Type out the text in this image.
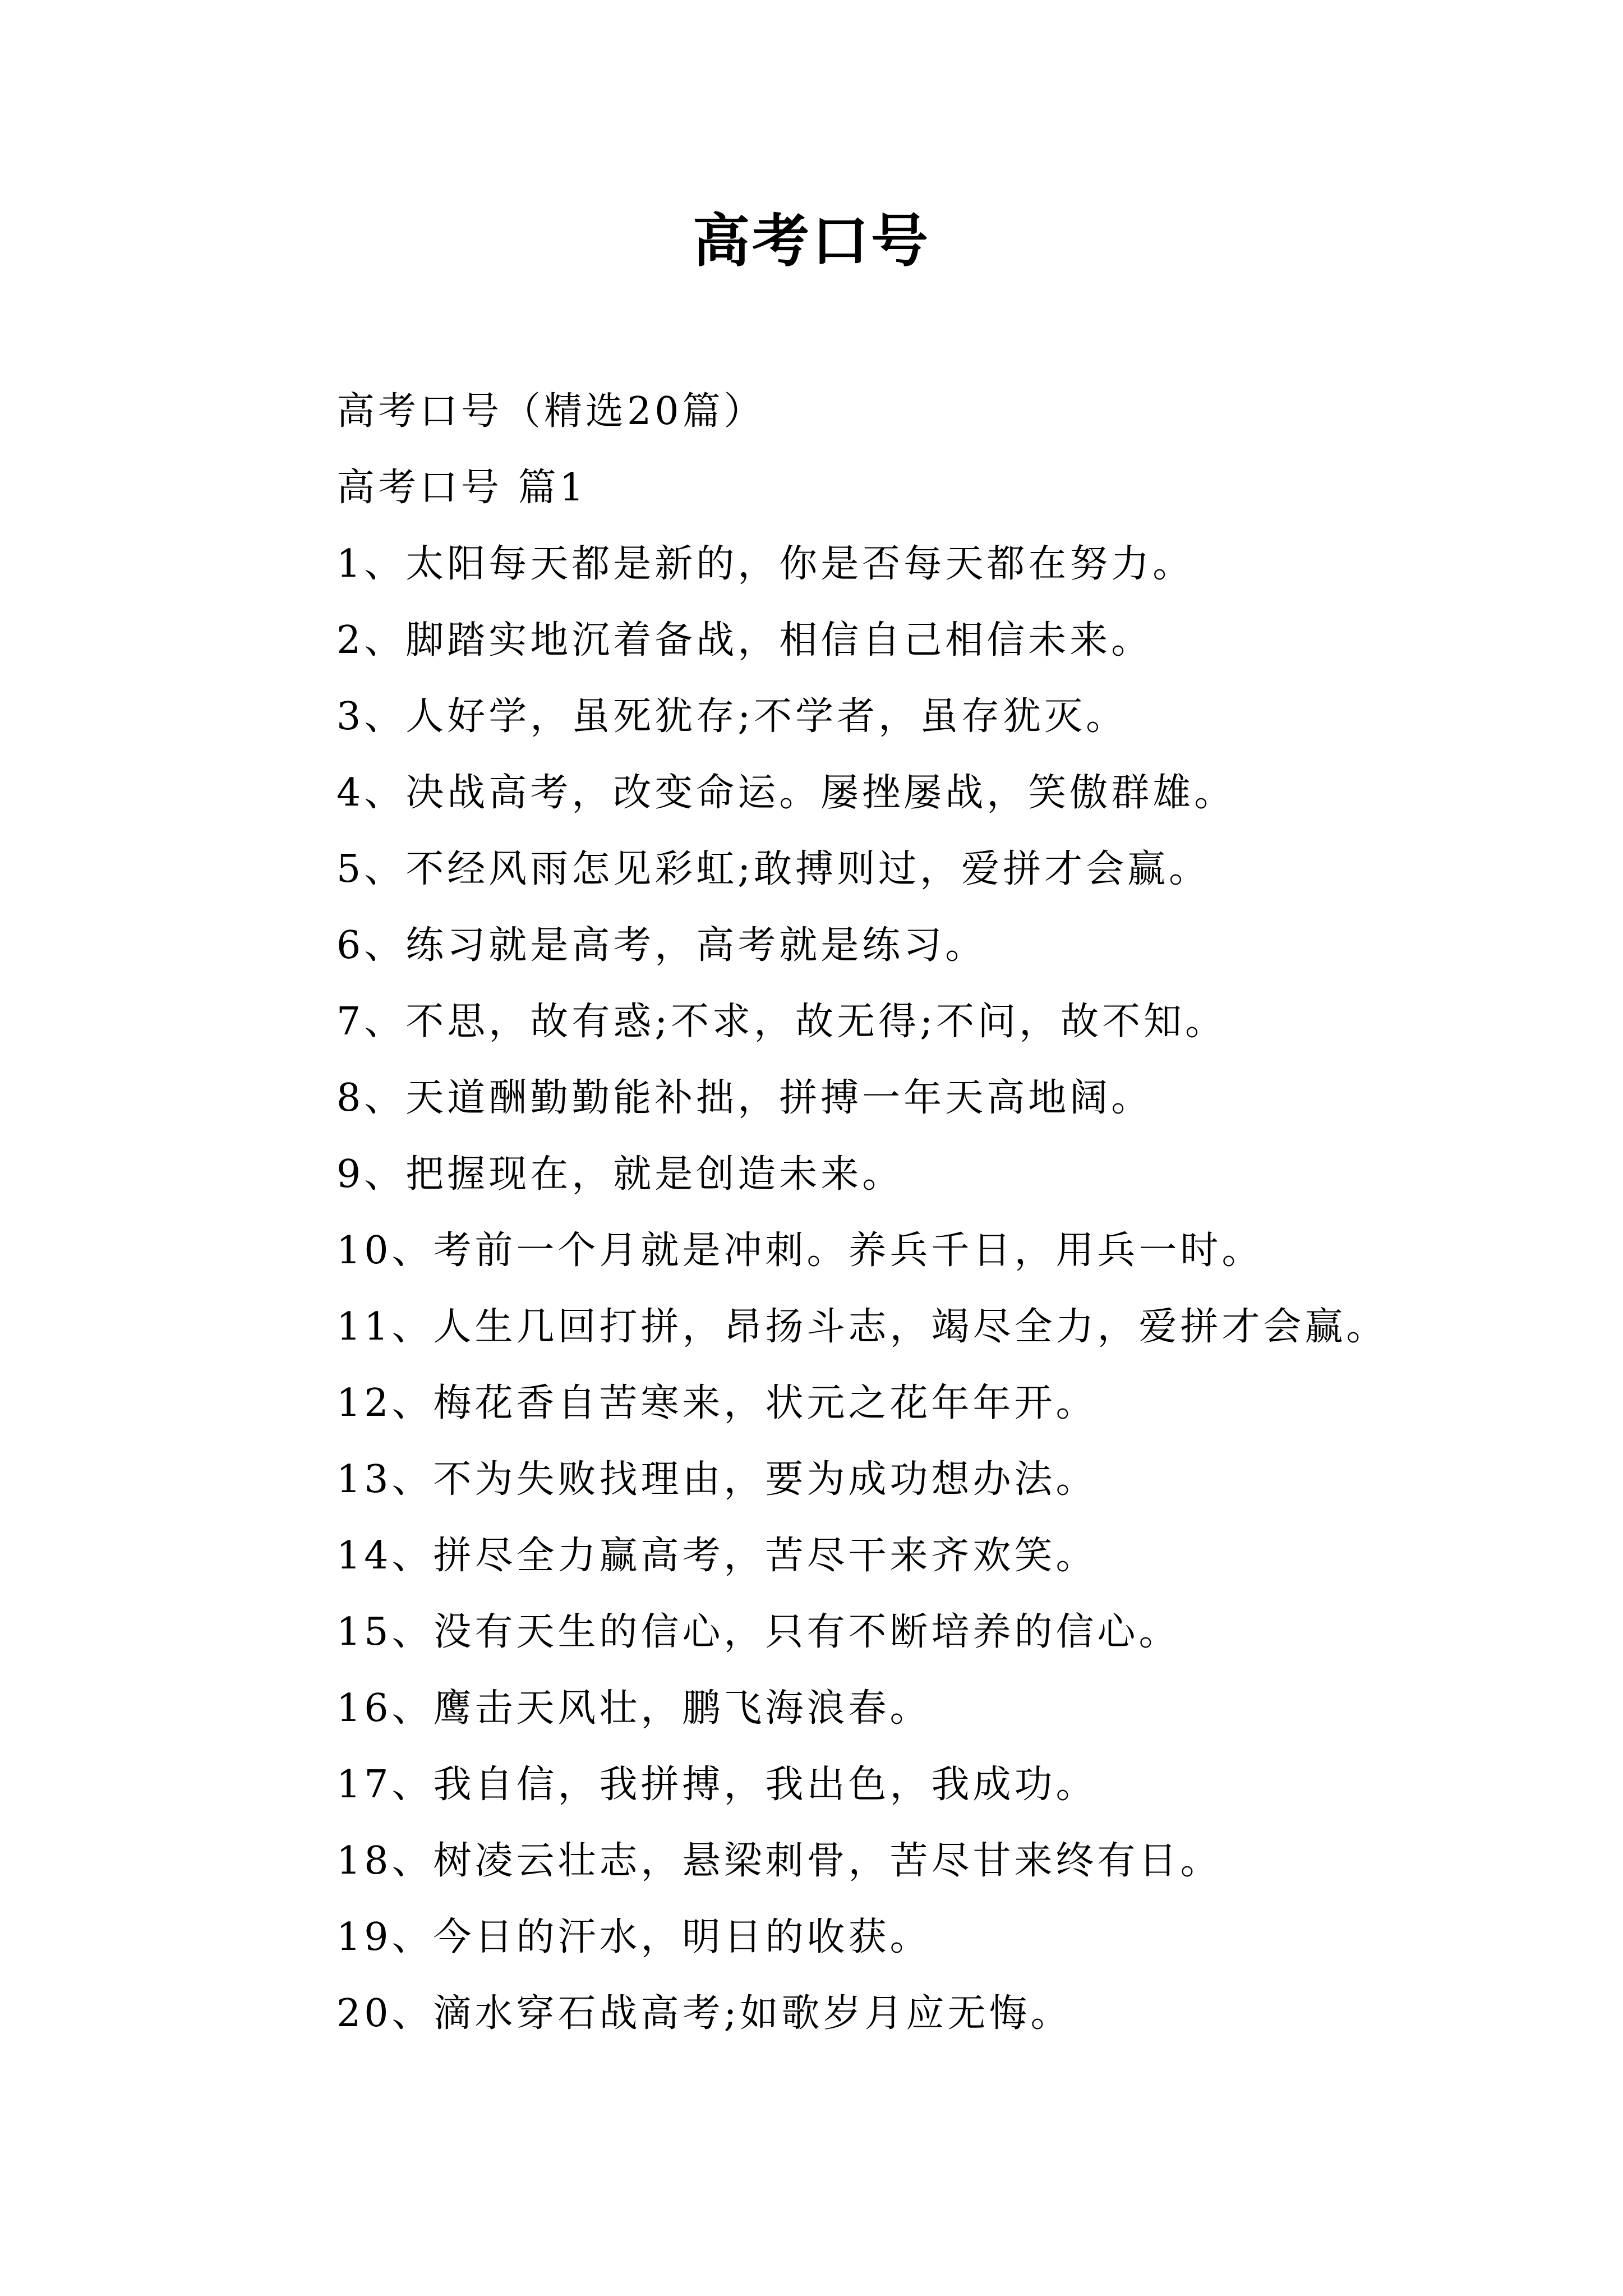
高考口号
高考口号（精选20篇）
高考口号 篇1
1、太阳每天都是新的，你是否每天都在努力。
2、脚踏实地沉着备战，相信自己相信未来。
3、人好学，虽死犹存;不学者，虽存犹灭。
4、决战高考，改变命运。屡挫屡战，笑傲群雄。
5、不经风雨怎见彩虹;敢搏则过，爱拼才会赢。
6、练习就是高考，高考就是练习。
7、不思，故有惑;不求，故无得;不问，故不知。
8、天道酬勤勤能补拙，拼搏一年天高地阔。
9、把握现在，就是创造未来。
10、考前一个月就是冲刺。养兵千日，用兵一时。
11、人生几回打拼，昂扬斗志，竭尽全力，爱拼才会赢。
12、梅花香自苦寒来，状元之花年年开。
13、不为失败找理由，要为成功想办法。
14、拼尽全力赢高考，苦尽干来齐欢笑。
15、没有天生的信心，只有不断培养的信心。
16、鹰击天风壮，鹏飞海浪春。
17、我自信，我拼搏，我出色，我成功。
18、树凌云壮志，悬梁刺骨，苦尽甘来终有日。
19、今日的汗水，明日的收获。
20、滴水穿石战高考;如歌岁月应无悔。
